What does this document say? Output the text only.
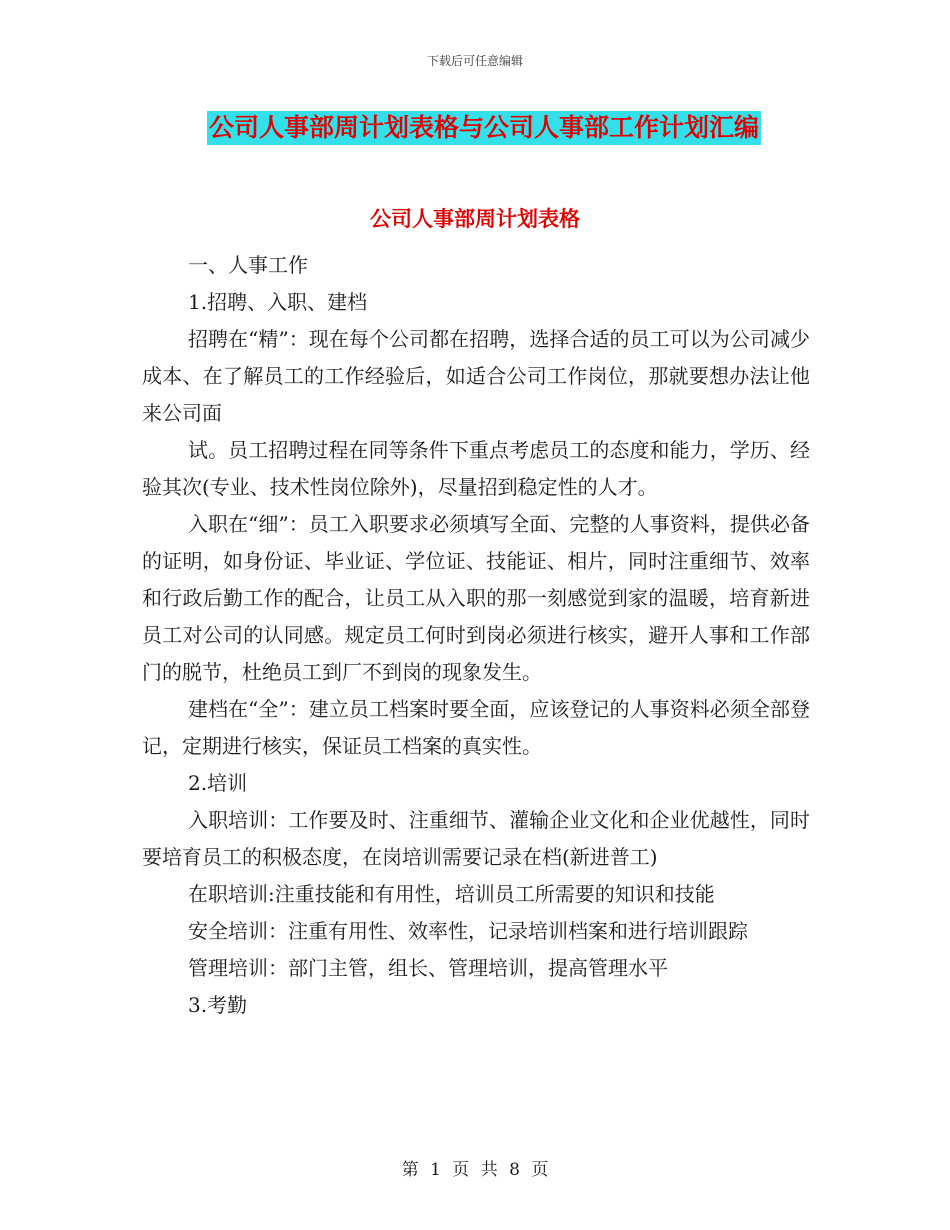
下载后可任意编辑
公司人事部周计划表格与公司人事部工作计划汇编
公司人事部周计划表格

一、人事工作

1.招聘、入职、建档

招聘在“精”：现在每个公司都在招聘，选择合适的员工可以为公司减少成本、在了解员工的工作经验后，如适合公司工作岗位，那就要想办法让他来公司面

试。员工招聘过程在同等条件下重点考虑员工的态度和能力，学历、经验其次(专业、技术性岗位除外)，尽量招到稳定性的人才。

入职在“细”：员工入职要求必须填写全面、完整的人事资料，提供必备的证明，如身份证、毕业证、学位证、技能证、相片，同时注重细节、效率和行政后勤工作的配合，让员工从入职的那一刻感觉到家的温暖，培育新进员工对公司的认同感。规定员工何时到岗必须进行核实，避开人事和工作部门的脱节，杜绝员工到厂不到岗的现象发生。

建档在“全”：建立员工档案时要全面，应该登记的人事资料必须全部登记，定期进行核实，保证员工档案的真实性。

2.培训

入职培训：工作要及时、注重细节、灌输企业文化和企业优越性，同时要培育员工的积极态度，在岗培训需要记录在档(新进普工)

在职培训:注重技能和有用性，培训员工所需要的知识和技能

安全培训：注重有用性、效率性，记录培训档案和进行培训跟踪

管理培训：部门主管，组长、管理培训，提高管理水平

3.考勤

第 1 页 共 8 页
